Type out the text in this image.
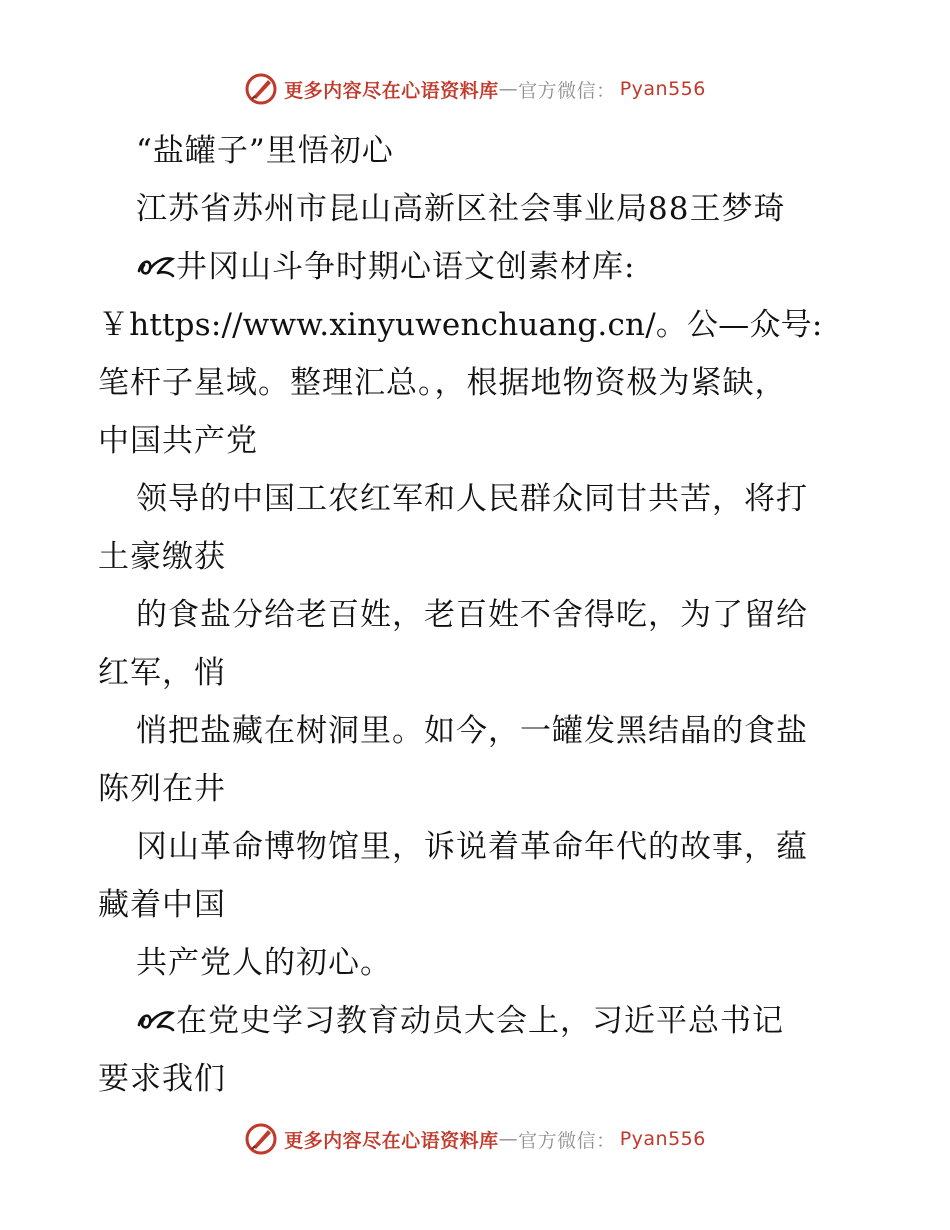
更多内容尽在心语资料库 — 官方微信： Pyan556
“盐罐子”里悟初心
江苏省苏州市昆山高新区社会事业局88王梦琦
井冈山斗争时期心语文创素材库:
￥https://www.xinyuwenchuang.cn/。公—众号:
笔杆子星域。整理汇总。，根据地物资极为紧缺，
中国共产党
领导的中国工农红军和人民群众同甘共苦，将打
土豪缴获
的食盐分给老百姓，老百姓不舍得吃，为了留给
红军，悄
悄把盐藏在树洞里。如今，一罐发黑结晶的食盐
陈列在井
冈山革命博物馆里，诉说着革命年代的故事，蕴
藏着中国
共产党人的初心。
在党史学习教育动员大会上，习近平总书记
要求我们
更多内容尽在心语资料库 — 官方微信： Pyan556
